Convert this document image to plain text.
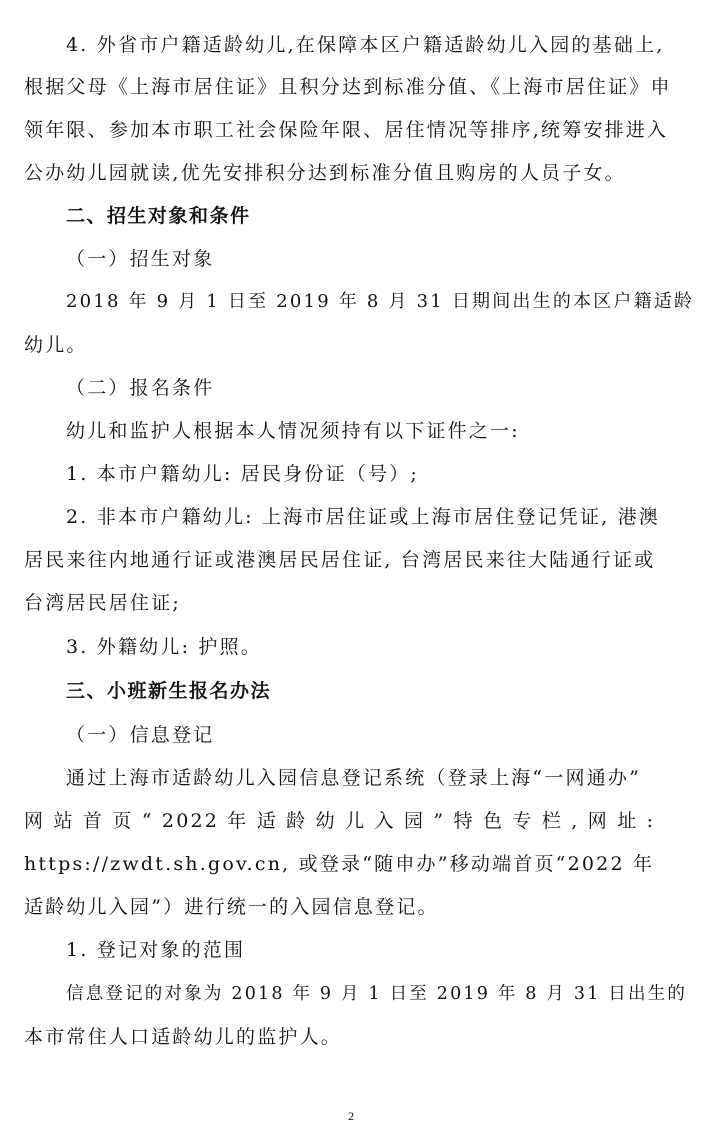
4. 外省市户籍适龄幼儿,在保障本区户籍适龄幼儿入园的基础上,
根据父母《上海市居住证》且积分达到标准分值、《上海市居住证》申
领年限、参加本市职工社会保险年限、居住情况等排序,统筹安排进入
公办幼儿园就读,优先安排积分达到标准分值且购房的人员子女。
二、招生对象和条件
（一）招生对象
2018 年 9 月 1 日至 2019 年 8 月 31 日期间出生的本区户籍适龄
幼儿。
（二）报名条件
幼儿和监护人根据本人情况须持有以下证件之一:
1. 本市户籍幼儿: 居民身份证（号）;
2. 非本市户籍幼儿: 上海市居住证或上海市居住登记凭证, 港澳
居民来往内地通行证或港澳居民居住证, 台湾居民来往大陆通行证或
台湾居民居住证;
3. 外籍幼儿: 护照。
三、小班新生报名办法
（一）信息登记
通过上海市适龄幼儿入园信息登记系统（登录上海“一网通办”
网 站 首 页 “ 2022 年 适 龄 幼 儿 入 园 ” 特 色 专 栏 , 网 址 :
https://zwdt.sh.gov.cn, 或登录“随申办”移动端首页“2022 年
适龄幼儿入园”）进行统一的入园信息登记。
1. 登记对象的范围
信息登记的对象为 2018 年 9 月 1 日至 2019 年 8 月 31 日出生的
本市常住人口适龄幼儿的监护人。
2
